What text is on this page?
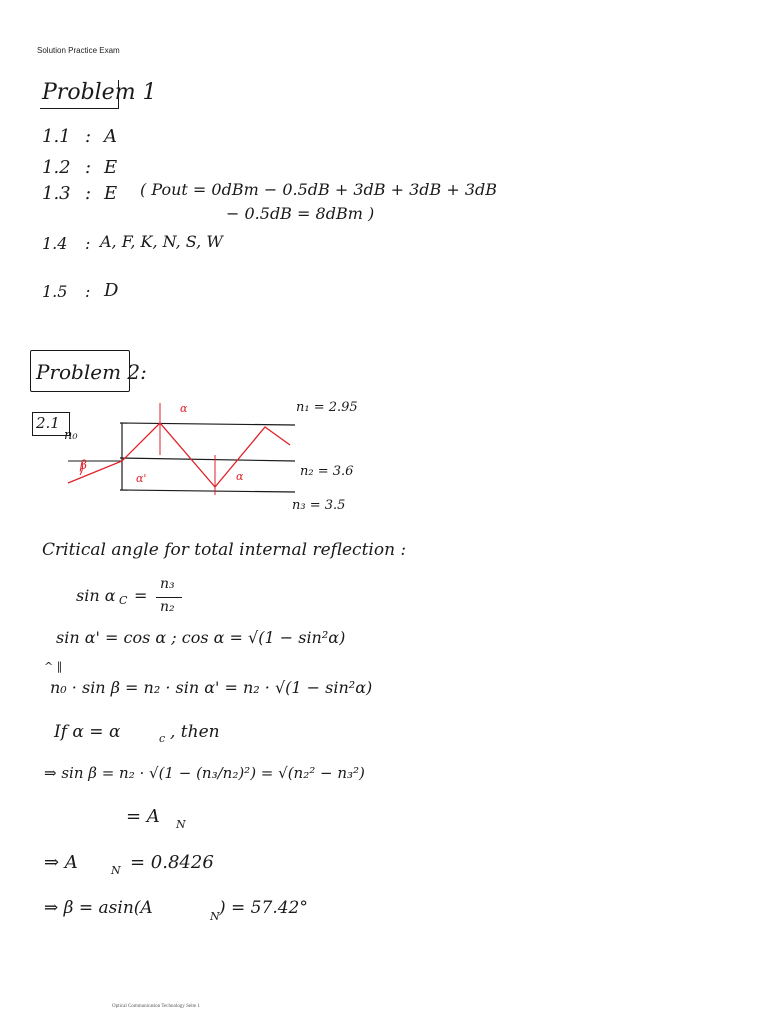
Solution Practice Exam
Problem 1
1.1 : A
1.2 : E
1.3 : E ( Pout = 0dBm − 0.5dB + 3dB + 3dB + 3dB
− 0.5dB = 8dBm )
1.4 : A, F, K, N, S, W
1.5 : D
Problem 2:
2.1
β
α
α'	α
n₀
n₁ = 2.95
n₂ = 3.6
n₃ = 3.5
Critical angle for total internal reflection :
sin α C =
n₃
n₂
sin α' = cos α ; cos α = √(1 − sin²α)
^ ‖
n₀ · sin β = n₂ · sin α' = n₂ · √(1 − sin²α)
If α = α	c , then
⇒ sin β = n₂ · √(1 − (n₃/n₂)²) = √(n₂² − n₃²)
= A N
⇒ A	N = 0.8426
⇒ β = asin(A	N ) = 57.42°
Optical Communication Technology Seite 1
